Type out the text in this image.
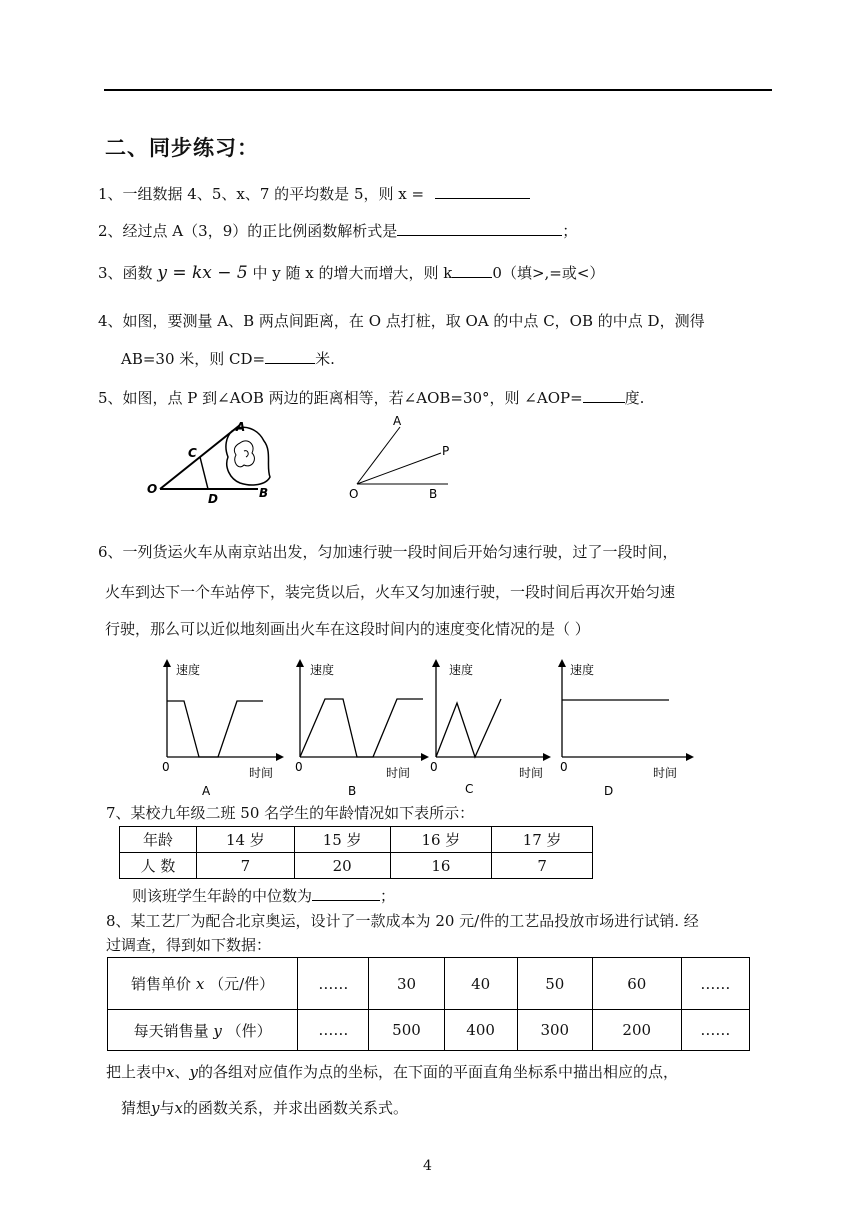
二、同步练习：
1、一组数据 4、5、x、7 的平均数是 5，则 x =
2、经过点 A（3，9）的正比例函数解析式是	；
3、函数 y = kx − 5 中 y 随 x 的增大而增大，则 k	0（填>,=或<）
4、如图，要测量 A、B 两点间距离，在 O 点打桩，取 OA 的中点 C，OB 的中点 D，测得
AB=30 米，则 CD=	米.
5、如图，点 P 到∠AOB 两边的距离相等，若∠AOB=30°，则 ∠AOP=	度.
A
C
O
D	B
A
P
O	B
6、一列货运火车从南京站出发，匀加速行驶一段时间后开始匀速行驶，过了一段时间，
火车到达下一个车站停下，装完货以后，火车又匀加速行驶，一段时间后再次开始匀速
行驶，那么可以近似地刻画出火车在这段时间内的速度变化情况的是（ ）
速度
0	时间
A
速度
0	时间
B
速度
0	时间
C
速度
0	时间
D
7、某校九年级二班 50 名学生的年龄情况如下表所示：
年龄	14 岁	15 岁	16 岁	17 岁
人 数	7	20	16	7
则该班学生年龄的中位数为	；
8、某工艺厂为配合北京奥运，设计了一款成本为 20 元/件的工艺品投放市场进行试销. 经
过调查，得到如下数据：
销售单价 x （元/件）	……	30	40	50	60	……
每天销售量 y （件）	……	500	400	300	200	……
把上表中x、y的各组对应值作为点的坐标，在下面的平面直角坐标系中描出相应的点，
猜想y与x的函数关系，并求出函数关系式。
4
